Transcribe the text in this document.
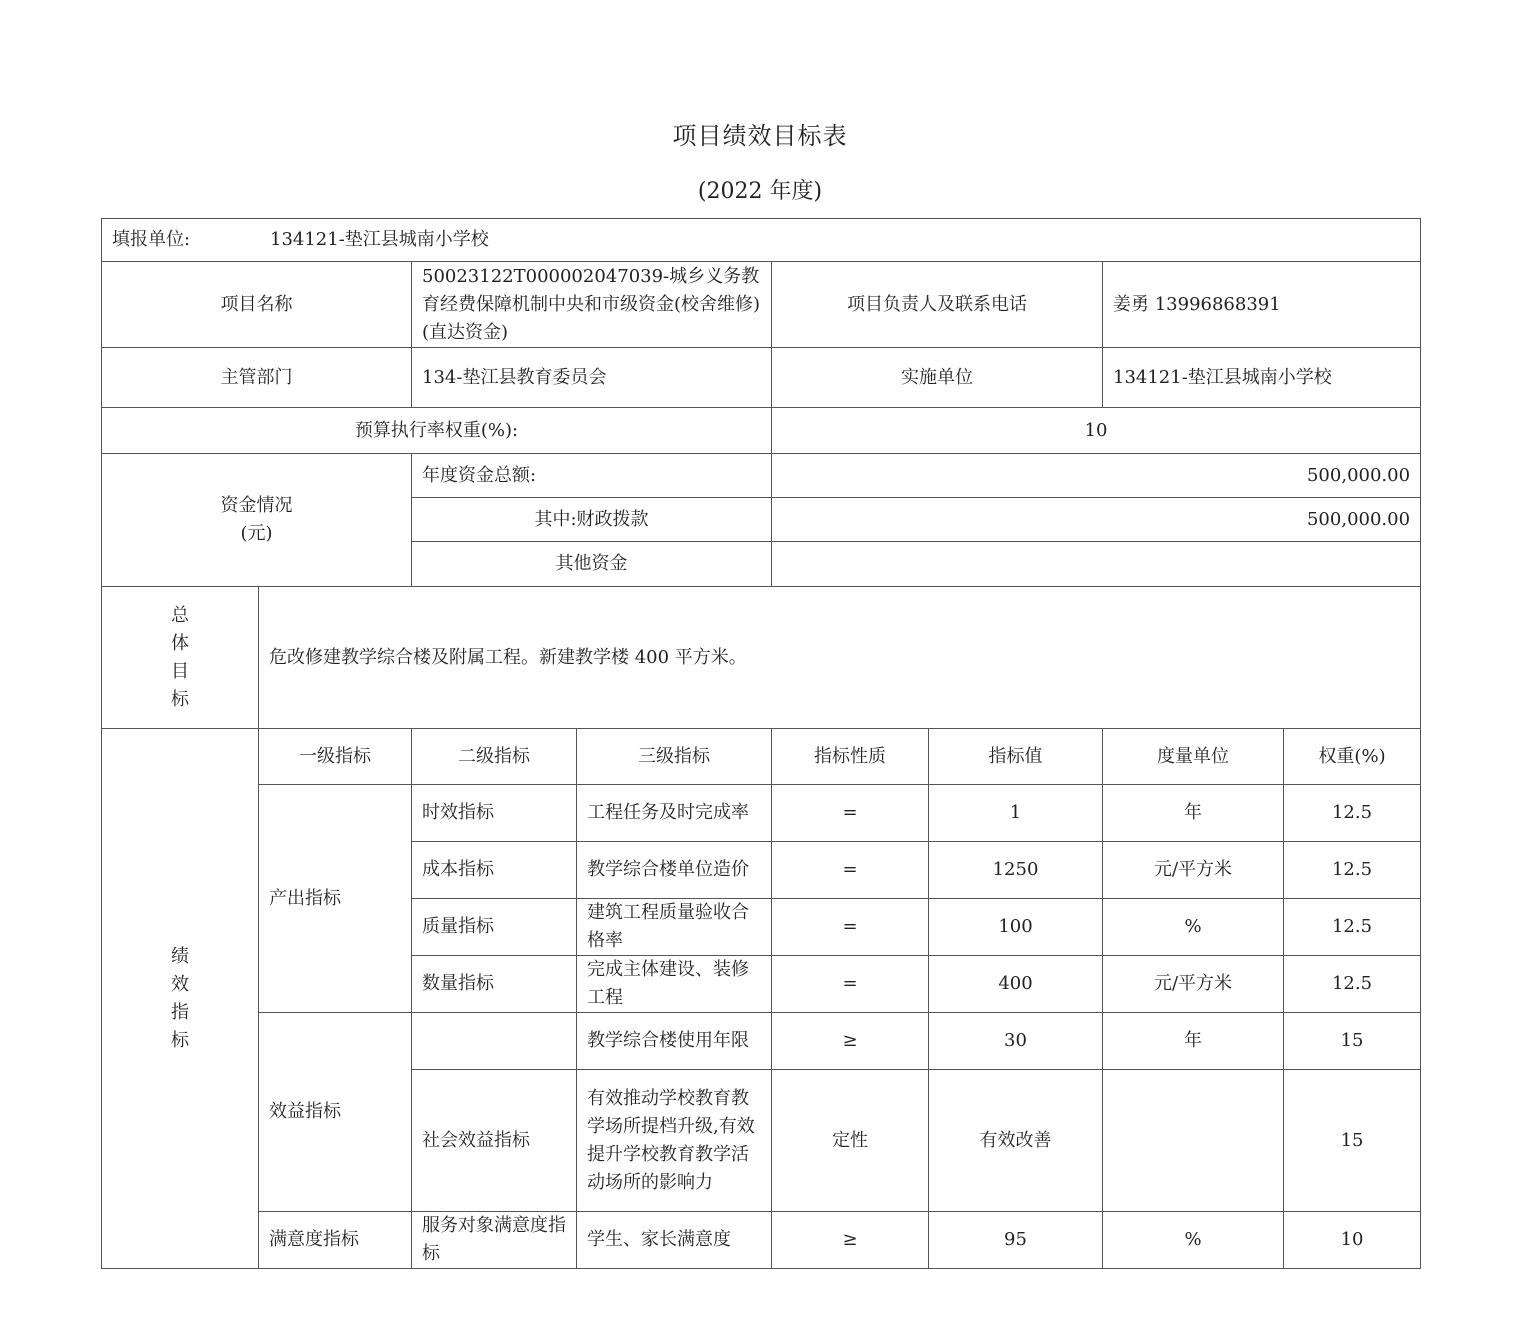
项目绩效目标表
(2022 年度)
填报单位: 134121-垫江县城南小学校							
项目名称		50023122T000002047039-城乡义务教育经费保障机制中央和市级资金(校舍维修)(直达资金)		项目负责人及联系电话		姜勇 13996868391	
主管部门		134-垫江县教育委员会		实施单位		134121-垫江县城南小学校	
预算执行率权重(%):				10			

资金情况
(元)		年度资金总额:		500,000.00			
		其中:财政拨款		500,000.00			
		其他资金					

总
体
目
标	危改修建教学综合楼及附属工程。新建教学楼 400 平方米。						

绩
效
指
标	一级指标	二级指标	三级指标	指标性质	指标值	度量单位	权重(%)
	产出指标	时效指标	工程任务及时完成率	=	1	年	12.5
		成本指标	教学综合楼单位造价	=	1250	元/平方米	12.5
		质量指标	建筑工程质量验收合格率	=	100	%	12.5
		数量指标	完成主体建设、装修工程	=	400	元/平方米	12.5
	效益指标		教学综合楼使用年限	≥	30	年	15
		社会效益指标	有效推动学校教育教学场所提档升级,有效提升学校教育教学活动场所的影响力	定性	有效改善		15
	满意度指标	服务对象满意度指标	学生、家长满意度	≥	95	%	10
